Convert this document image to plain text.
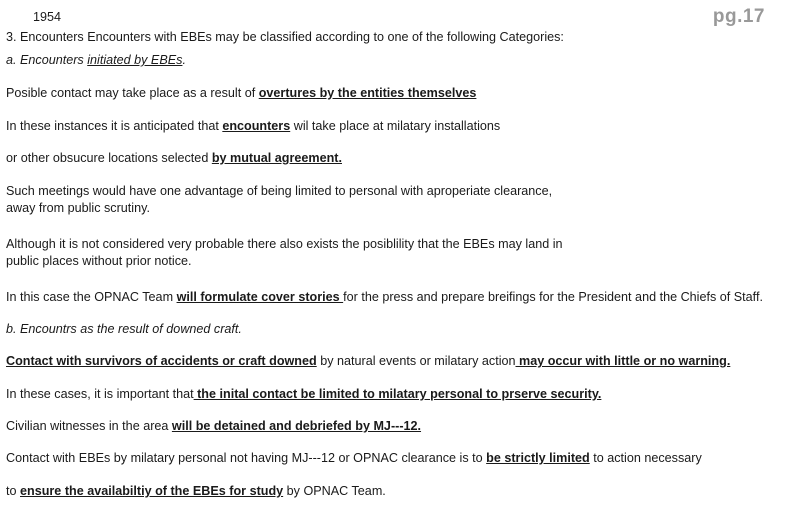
1954	pg.17
3. Encounters Encounters with EBEs may be classified according to one of the following Categories:
a. Encounters initiated by EBEs.
Posible contact may take place as a result of overtures by the entities themselves
In these instances it is anticipated that encounters wil take place at milatary installations
or other obsucure locations selected by mutual agreement.
Such meetings would have one advantage of being limited to personal with aproperiate clearance,
away from public scrutiny.
Although it is not considered very probable there also exists the posiblility that the EBEs may land in
public places without prior notice.
In this case the OPNAC Team will formulate cover stories for the press and prepare breifings for the President and the Chiefs of Staff.
b. Encountrs as the result of downed craft.
Contact with survivors of accidents or craft downed by natural events or milatary action may occur with little or no warning.
In these cases, it is important that the inital contact be limited to milatary personal to prserve security.
Civilian witnesses in the area will be detained and debriefed by MJ---12.
Contact with EBEs by milatary personal not having MJ---12 or OPNAC clearance is to be strictly limited to action necessary
to ensure the availabiltiy of the EBEs for study by OPNAC Team.
